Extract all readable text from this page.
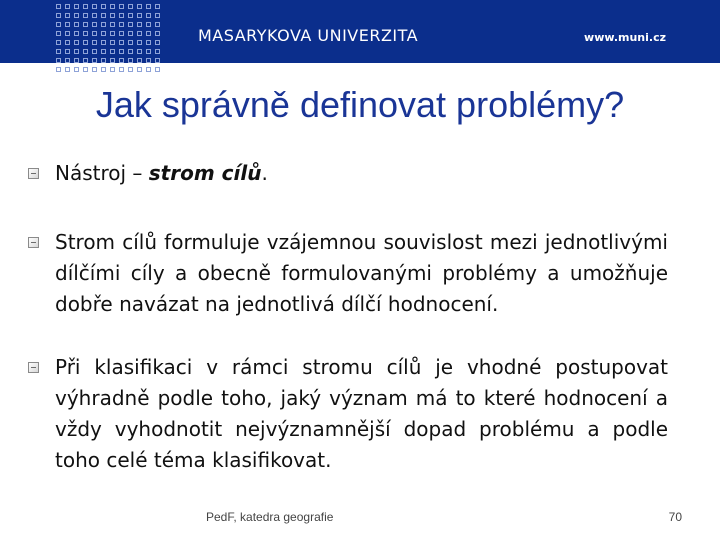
MASARYKOVA UNIVERZITA	www.muni.cz
Jak správně definovat problémy?
Nástroj – strom cílů.
Strom cílů formuluje vzájemnou souvislost mezi jednotlivými dílčími cíly a obecně formulovanými problémy a umožňuje dobře navázat na jednotlivá dílčí hodnocení.
Při klasifikaci v rámci stromu cílů je vhodné postupovat výhradně podle toho, jaký význam má to které hodnocení a vždy vyhodnotit nejvýznamnější dopad problému a podle toho celé téma klasifikovat.
PedF, katedra geografie	70
